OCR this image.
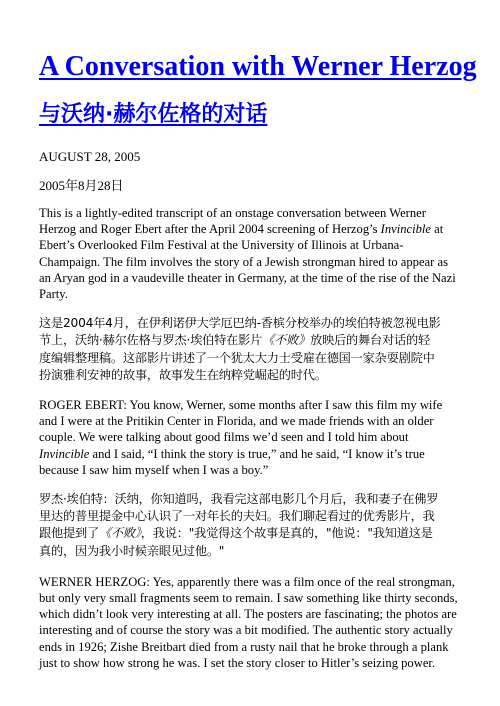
A Conversation with Werner Herzog
与沃纳·赫尔佐格的对话
AUGUST 28, 2005
2005年8月28日

This is a lightly-edited transcript of an onstage conversation between Werner
Herzog and Roger Ebert after the April 2004 screening of Herzog’s Invincible at
Ebert’s Overlooked Film Festival at the University of Illinois at Urbana-
Champaign. The film involves the story of a Jewish strongman hired to appear as
an Aryan god in a vaudeville theater in Germany, at the time of the rise of the Nazi
Party.

这是2004年4月，在伊利诺伊大学厄巴纳-香槟分校举办的埃伯特被忽视电影
节上，沃纳·赫尔佐格与罗杰·埃伯特在影片《不败》放映后的舞台对话的轻
度编辑整理稿。这部影片讲述了一个犹太大力士受雇在德国一家杂耍剧院中
扮演雅利安神的故事，故事发生在纳粹党崛起的时代。

ROGER EBERT: You know, Werner, some months after I saw this film my wife
and I were at the Pritikin Center in Florida, and we made friends with an older
couple. We were talking about good films we’d seen and I told him about
Invincible and I said, “I think the story is true,” and he said, “I know it’s true
because I saw him myself when I was a boy.”

罗杰·埃伯特：沃纳，你知道吗，我看完这部电影几个月后，我和妻子在佛罗
里达的普里提金中心认识了一对年长的夫妇。我们聊起看过的优秀影片，我
跟他提到了《不败》，我说："我觉得这个故事是真的，"他说："我知道这是
真的，因为我小时候亲眼见过他。"

WERNER HERZOG: Yes, apparently there was a film once of the real strongman,
but only very small fragments seem to remain. I saw something like thirty seconds,
which didn’t look very interesting at all. The posters are fascinating; the photos are
interesting and of course the story was a bit modified. The authentic story actually
ends in 1926; Zishe Breitbart died from a rusty nail that he broke through a plank
just to show how strong he was. I set the story closer to Hitler’s seizing power.
